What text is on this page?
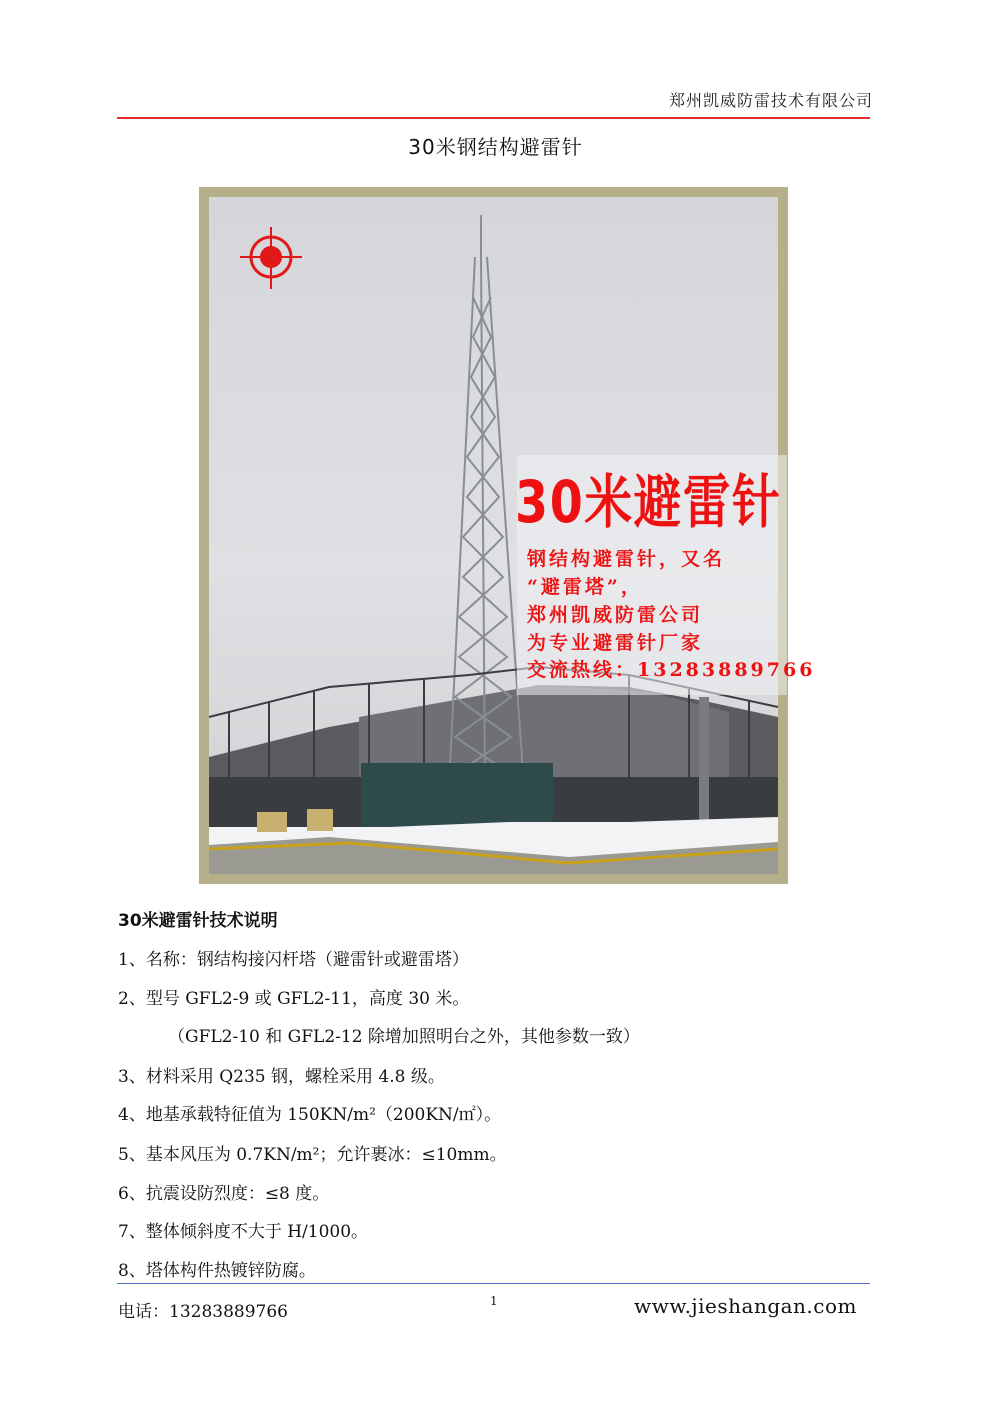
郑州凯威防雷技术有限公司
30米钢结构避雷针
30米避雷针
钢结构避雷针，又名
“避雷塔”，
郑州凯威防雷公司
为专业避雷针厂家
交流热线：13283889766
30米避雷针技术说明
1、名称：钢结构接闪杆塔（避雷针或避雷塔）
2、型号 GFL2-9 或 GFL2-11，高度 30 米。
（GFL2-10 和 GFL2-12 除增加照明台之外，其他参数一致）
3、材料采用 Q235 钢，螺栓采用 4.8 级。
4、地基承载特征值为 150KN/m²（200KN/㎡）。
5、基本风压为 0.7KN/m²；允许裹冰：≤10mm。
6、抗震设防烈度：≤8 度。
7、整体倾斜度不大于 H/1000。
8、塔体构件热镀锌防腐。
电话：13283889766
1	www.jieshangan.com
